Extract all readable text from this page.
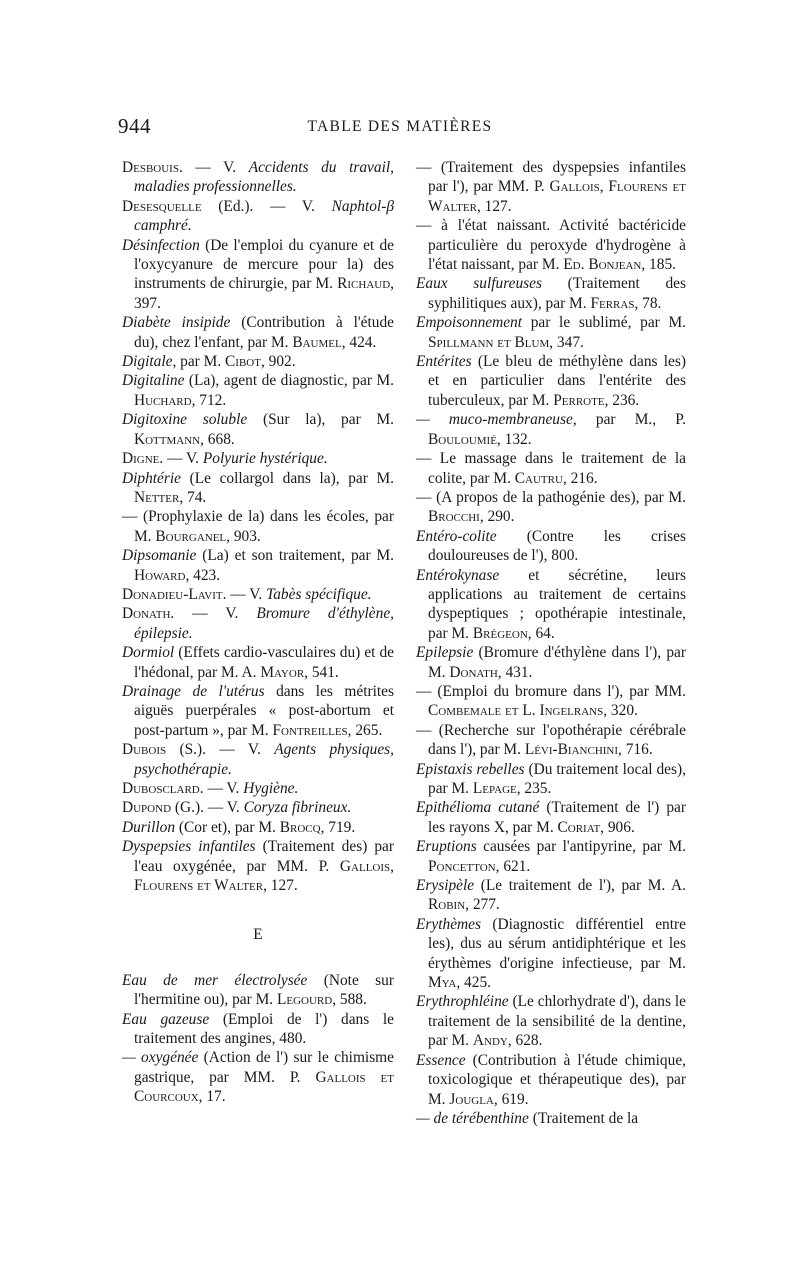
944	TABLE DES MATIÈRES
Desbouis. — V. Accidents du travail, maladies professionnelles.
Desesquelle (Ed.). — V. Naphtol-β camphré.
Désinfection (De l'emploi du cyanure et de l'oxycyanure de mercure pour la) des instruments de chirurgie, par M. Richaud, 397.
Diabète insipide (Contribution à l'étude du), chez l'enfant, par M. Baumel, 424.
Digitale, par M. Cibot, 902.
Digitaline (La), agent de diagnostic, par M. Huchard, 712.
Digitoxine soluble (Sur la), par M. Kottmann, 668.
Digne. — V. Polyurie hystérique.
Diphtérie (Le collargol dans la), par M. Netter, 74.
— (Prophylaxie de la) dans les écoles, par M. Bourganel, 903.
Dipsomanie (La) et son traitement, par M. Howard, 423.
Donadieu-Lavit. — V. Tabès spécifique.
Donath. — V. Bromure d'éthylène, épilepsie.
Dormiol (Effets cardio-vasculaires du) et de l'hédonal, par M. A. Mayor, 541.
Drainage de l'utérus dans les métrites aiguës puerpérales « post-abortum et post-partum », par M. Fontreilles, 265.
Dubois (S.). — V. Agents physiques, psychothérapie.
Dubosclard. — V. Hygiène.
Dupond (G.). — V. Coryza fibrineux.
Durillon (Cor et), par M. Brocq, 719.
Dyspepsies infantiles (Traitement des) par l'eau oxygénée, par MM. P. Gallois, Flourens et Walter, 127.
E
Eau de mer électrolysée (Note sur l'hermitine ou), par M. Legourd, 588.
Eau gazeuse (Emploi de l') dans le traitement des angines, 480.
— oxygénée (Action de l') sur le chimisme gastrique, par MM. P. Gallois et Courcoux, 17.
— (Traitement des dyspepsies infantiles par l'), par MM. P. Gallois, Flourens et Walter, 127.
— à l'état naissant. Activité bactéricide particulière du peroxyde d'hydrogène à l'état naissant, par M. Ed. Bonjean, 185.
Eaux sulfureuses (Traitement des syphilitiques aux), par M. Ferras, 78.
Empoisonnement par le sublimé, par M. Spillmann et Blum, 347.
Entérites (Le bleu de méthylène dans les) et en particulier dans l'entérite des tuberculeux, par M. Perrote, 236.
— muco-membraneuse, par M., P. Bouloumié, 132.
— Le massage dans le traitement de la colite, par M. Cautru, 216.
— (A propos de la pathogénie des), par M. Brocchi, 290.
Entéro-colite (Contre les crises douloureuses de l'), 800.
Entérokynase et sécrétine, leurs applications au traitement de certains dyspeptiques ; opothérapie intestinale, par M. Brégeon, 64.
Epilepsie (Bromure d'éthylène dans l'), par M. Donath, 431.
— (Emploi du bromure dans l'), par MM. Combemale et L. Ingelrans, 320.
— (Recherche sur l'opothérapie cérébrale dans l'), par M. Lévi-Bianchini, 716.
Epistaxis rebelles (Du traitement local des), par M. Lepage, 235.
Epithélioma cutané (Traitement de l') par les rayons X, par M. Coriat, 906.
Eruptions causées par l'antipyrine, par M. Poncetton, 621.
Erysipèle (Le traitement de l'), par M. A. Robin, 277.
Erythèmes (Diagnostic différentiel entre les), dus au sérum antidiphtérique et les érythèmes d'origine infectieuse, par M. Mya, 425.
Erythrophléine (Le chlorhydrate d'), dans le traitement de la sensibilité de la dentine, par M. Andy, 628.
Essence (Contribution à l'étude chimique, toxicologique et thérapeutique des), par M. Jougla, 619.
— de térébenthine (Traitement de la
